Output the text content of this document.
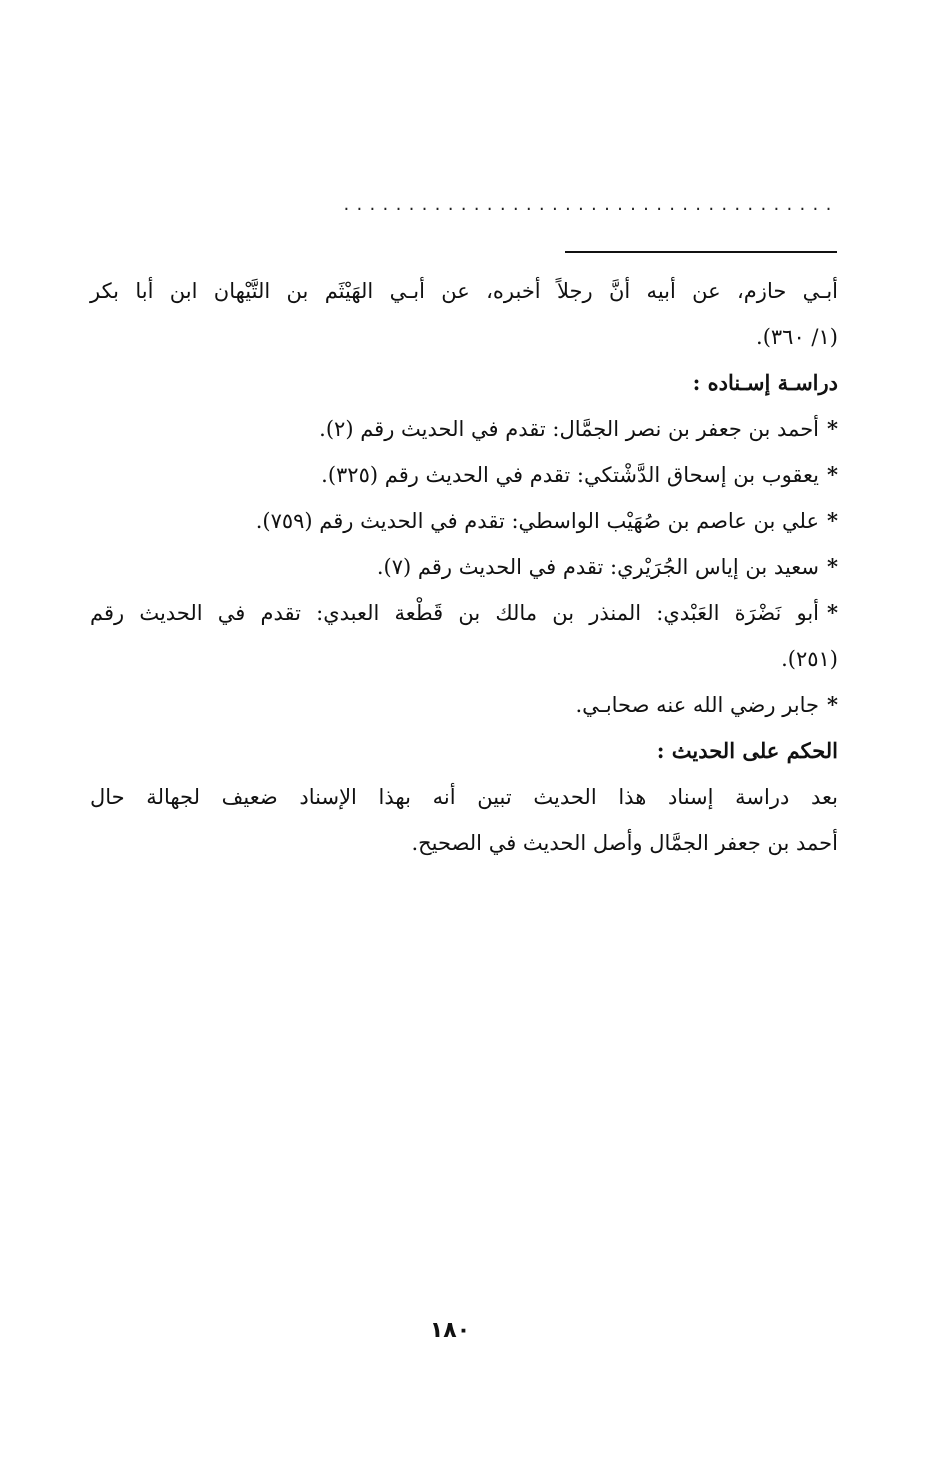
......................................
أبـي حازم، عن أبيه أنَّ رجلاً أخبره، عن أبـي الهَيْثَم بن التَّيْهان ابن أبا بكر
(١/ ٣٦٠).
دراسـة إسـناده :
*أحمد بن جعفر بن نصر الجمَّال: تقدم في الحديث رقم (٢).
*يعقوب بن إسحاق الدَّشْتكي: تقدم في الحديث رقم (٣٢٥).
*علي بن عاصم بن صُهَيْب الواسطي: تقدم في الحديث رقم (٧٥٩).
*سعيد بن إياس الجُرَيْري: تقدم في الحديث رقم (٧).
*أبو نَضْرَة العَبْدي: المنذر بن مالك بن قَطْعة العبدي: تقدم في الحديث رقم
(٢٥١).
*جابر رضي الله عنه صحابـي.
الحكم على الحديث :
بعد دراسة إسناد هذا الحديث تبين أنه بهذا الإسناد ضعيف لجهالة حال
أحمد بن جعفر الجمَّال وأصل الحديث في الصحيح.
١٨٠
